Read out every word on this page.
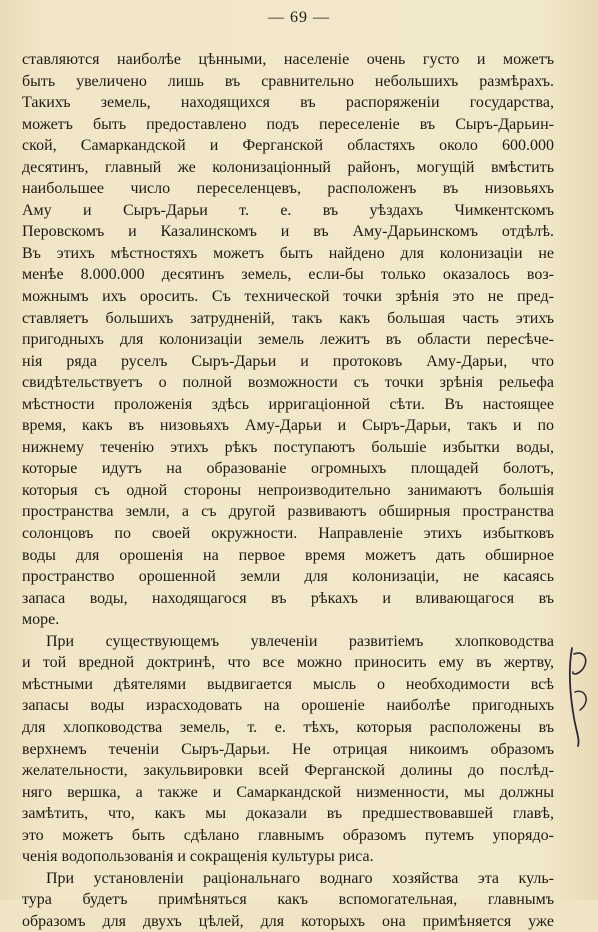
— 69 —
ставляются наиболѣе цѣнными, населеніе очень густо и можетъ
быть увеличено лишь въ сравнительно небольшихъ размѣрахъ.
Такихъ земель, находящихся въ распоряженіи государства,
можетъ быть предоставлено подъ переселеніе въ Сыръ-Дарьин-
ской, Самаркандской и Ферганской областяхъ около 600.000
десятинъ, главный же колонизаціонный районъ, могущій вмѣстить
наибольшее число переселенцевъ, расположенъ въ низовьяхъ
Аму и Сыръ-Дарьи т. е. въ уѣздахъ Чимкентскомъ
Перовскомъ и Казалинскомъ и въ Аму-Дарьинскомъ отдѣлѣ.
Въ этихъ мѣстностяхъ можетъ быть найдено для колонизаціи не
менѣе 8.000.000 десятинъ земель, если-бы только оказалось воз-
можнымъ ихъ оросить. Съ технической точки зрѣнія это не пред-
ставляетъ большихъ затрудненій, такъ какъ большая часть этихъ
пригодныхъ для колонизаціи земель лежитъ въ области пересѣче-
нія ряда руселъ Сыръ-Дарьи и протоковъ Аму-Дарьи, что
свидѣтельствуетъ о полной возможности съ точки зрѣнія рельефа
мѣстности проложенія здѣсь ирригаціонной сѣти. Въ настоящее
время, какъ въ низовьяхъ Аму-Дарьи и Сыръ-Дарьи, такъ и по
нижнему теченію этихъ рѣкъ поступаютъ большіе избытки воды,
которые идутъ на образованіе огромныхъ площадей болотъ,
которыя съ одной стороны непроизводительно занимаютъ большія
пространства земли, а съ другой развиваютъ обширныя пространства
солонцовъ по своей окружности. Направленіе этихъ избытковъ
воды для орошенія на первое время можетъ дать обширное
пространство орошенной земли для колонизаціи, не касаясь
запаса воды, находящагося въ рѣкахъ и вливающагося въ
море.
При существующемъ увлеченіи развитіемъ хлопководства
и той вредной доктринѣ, что все можно приносить ему въ жертву,
мѣстными дѣятелями выдвигается мысль о необходимости всѣ
запасы воды израсходовать на орошеніе наиболѣе пригодныхъ
для хлопководства земель, т. е. тѣхъ, которыя расположены въ
верхнемъ теченіи Сыръ-Дарьи. Не отрицая никоимъ образомъ
желательности, закульвировки всей Ферганской долины до послѣд-
няго вершка, а также и Самаркандской низменности, мы должны
замѣтить, что, какъ мы доказали въ предшествовавшей главѣ,
это можетъ быть сдѣлано главнымъ образомъ путемъ упорядо-
ченія водопользованія и сокращенія культуры риса.
При установленіи раціональнаго воднаго хозяйства эта куль-
тура будетъ примѣняться какъ вспомогательная, главнымъ
образомъ для двухъ цѣлей, для которыхъ она примѣняется уже
